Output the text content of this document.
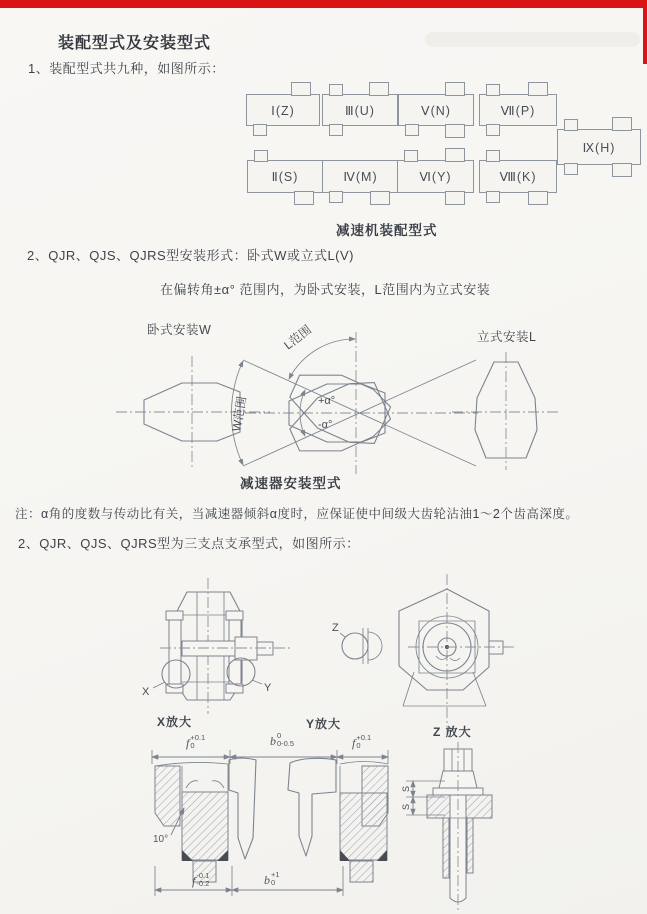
装配型式及安装型式
1、装配型式共九种，如图所示：
Ⅰ(Z)	Ⅲ(U)	Ⅴ(N)	Ⅶ(P)
Ⅱ(S)	Ⅳ(M)	Ⅵ(Y)	Ⅷ(K)
Ⅸ(H)
减速机装配型式
2、QJR、QJS、QJRS型安装形式：卧式W或立式L(V)
在偏转角±α° 范围内，为卧式安装，L范围内为立式安装
卧式安装W	立式安装L
L范围
W范围	+α°
-α°
减速器安装型式
注：α角的度数与传动比有关，当减速器倾斜α度时，应保证使中间级大齿轮沾油1～2个齿高深度。
2、QJR、QJS、QJRS型为三支点支承型式，如图所示：
X	Y
Z
S
S
X放大	Y放大
Z 放大
f +0.1
0	b 0
0-0.5	f +0.1
0
f -0.1
-0.2	b +1
0
10°
